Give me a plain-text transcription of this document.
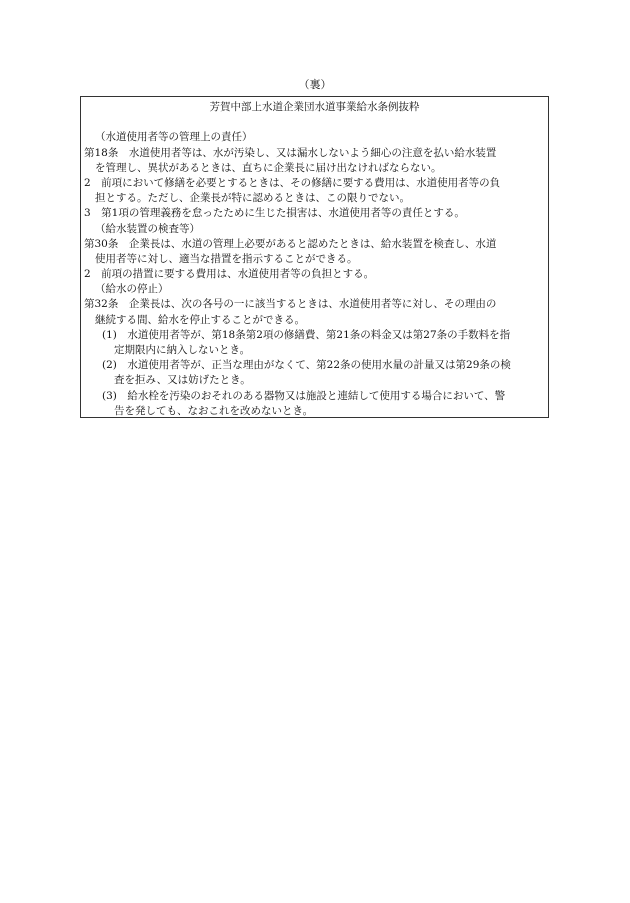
（裏）
芳賀中部上水道企業団水道事業給水条例抜粋
（水道使用者等の管理上の責任）
第18条　水道使用者等は、水が汚染し、又は漏水しないよう細心の注意を払い給水装置
を管理し、異状があるときは、直ちに企業長に届け出なければならない。
2　前項において修繕を必要とするときは、その修繕に要する費用は、水道使用者等の負
担とする。ただし、企業長が特に認めるときは、この限りでない。
3　第1項の管理義務を怠ったために生じた損害は、水道使用者等の責任とする。
（給水装置の検査等）
第30条　企業長は、水道の管理上必要があると認めたときは、給水装置を検査し、水道
使用者等に対し、適当な措置を指示することができる。
2　前項の措置に要する費用は、水道使用者等の負担とする。
（給水の停止）
第32条　企業長は、次の各号の一に該当するときは、水道使用者等に対し、その理由の
継続する間、給水を停止することができる。
(1)　水道使用者等が、第18条第2項の修繕費、第21条の料金又は第27条の手数料を指
定期限内に納入しないとき。
(2)　水道使用者等が、正当な理由がなくて、第22条の使用水量の計量又は第29条の検
査を拒み、又は妨げたとき。
(3)　給水栓を汚染のおそれのある器物又は施設と連結して使用する場合において、警
告を発しても、なおこれを改めないとき。
